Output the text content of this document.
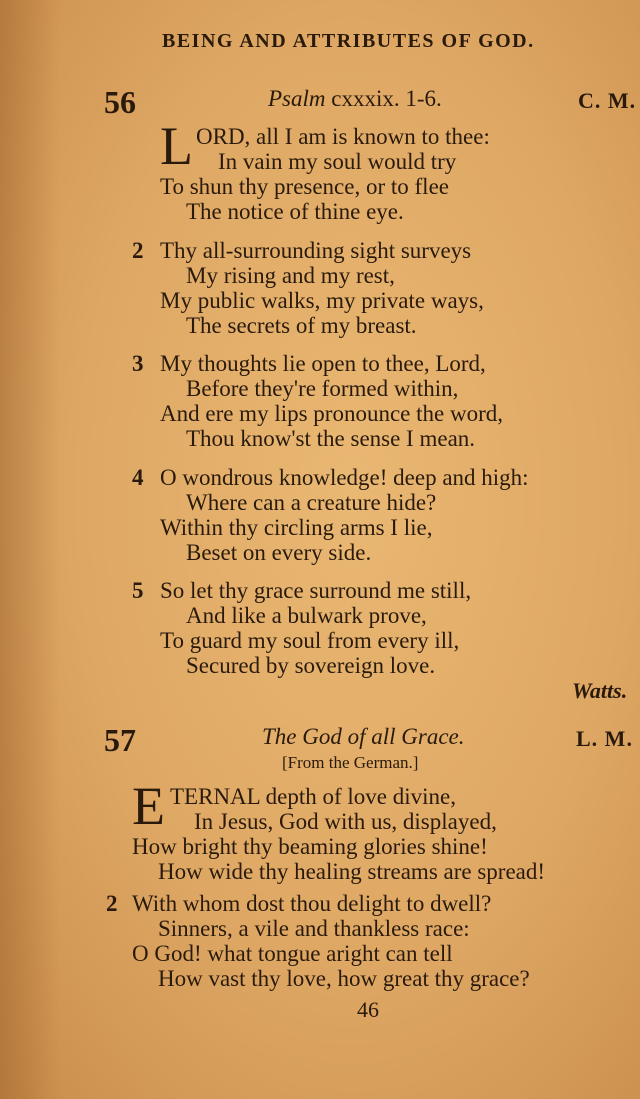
BEING AND ATTRIBUTES OF GOD.
56	Psalm cxxxix. 1-6.	C. M.
L ORD, all I am is known to thee:
In vain my soul would try
To shun thy presence, or to flee
The notice of thine eye.
2 Thy all-surrounding sight surveys
My rising and my rest,
My public walks, my private ways,
The secrets of my breast.
3 My thoughts lie open to thee, Lord,
Before they're formed within,
And ere my lips pronounce the word,
Thou know'st the sense I mean.
4 O wondrous knowledge! deep and high:
Where can a creature hide?
Within thy circling arms I lie,
Beset on every side.
5 So let thy grace surround me still,
And like a bulwark prove,
To guard my soul from every ill,
Secured by sovereign love.
Watts.
57	The God of all Grace.	L. M.
[From the German.]
E TERNAL depth of love divine,
In Jesus, God with us, displayed,
How bright thy beaming glories shine!
How wide thy healing streams are spread!
2 With whom dost thou delight to dwell?
Sinners, a vile and thankless race:
O God! what tongue aright can tell
How vast thy love, how great thy grace?
46
